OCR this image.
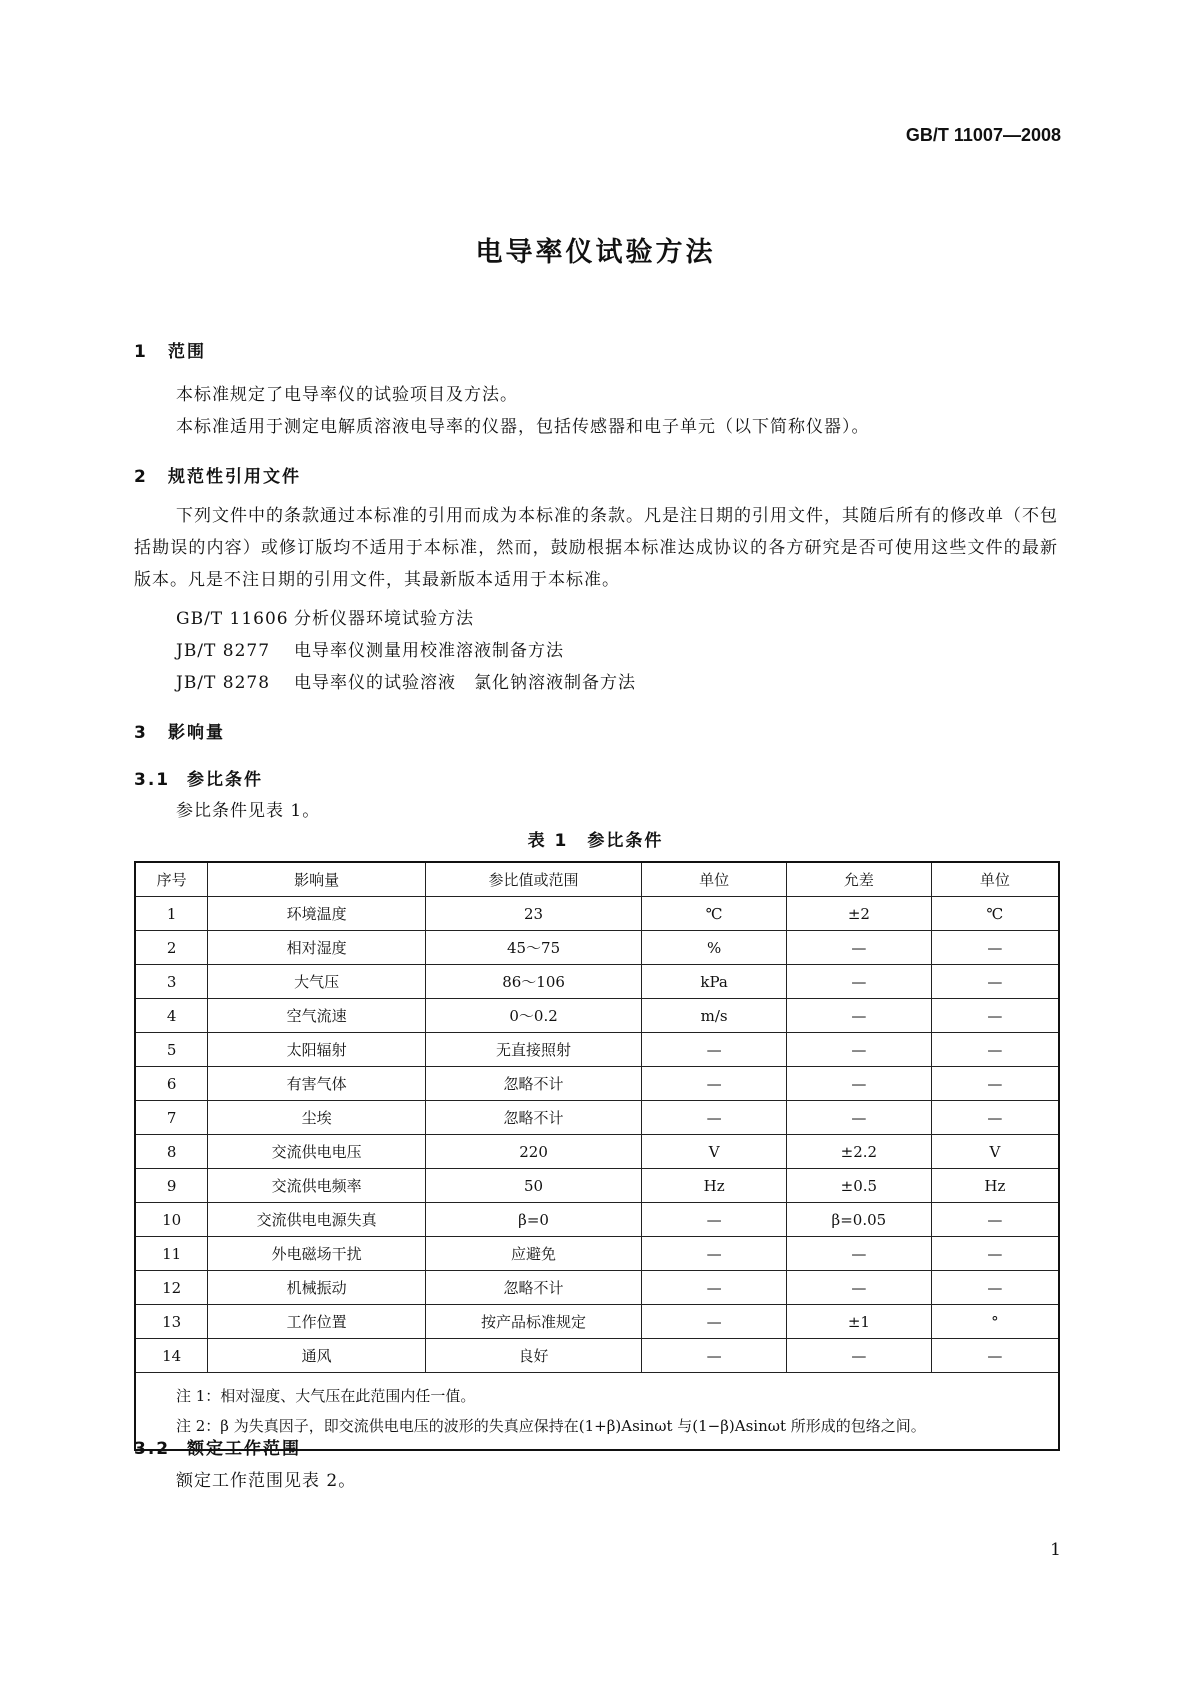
GB/T 11007—2008
电导率仪试验方法
1 范围
本标准规定了电导率仪的试验项目及方法。
本标准适用于测定电解质溶液电导率的仪器，包括传感器和电子单元（以下简称仪器）。
2 规范性引用文件
下列文件中的条款通过本标准的引用而成为本标准的条款。凡是注日期的引用文件，其随后所有的修改单（不包括勘误的内容）或修订版均不适用于本标准，然而，鼓励根据本标准达成协议的各方研究是否可使用这些文件的最新版本。凡是不注日期的引用文件，其最新版本适用于本标准。
GB/T 11606 分析仪器环境试验方法
JB/T 8277 电导率仪测量用校准溶液制备方法
JB/T 8278 电导率仪的试验溶液　氯化钠溶液制备方法
3 影响量
3.1 参比条件
参比条件见表 1。
表 1　参比条件
序号	影响量	参比值或范围	单位	允差	单位
1	环境温度	23	℃	±2	℃
2	相对湿度	45～75	%	—	—
3	大气压	86～106	kPa	—	—
4	空气流速	0～0.2	m/s	—	—
5	太阳辐射	无直接照射	—	—	—
6	有害气体	忽略不计	—	—	—
7	尘埃	忽略不计	—	—	—
8	交流供电电压	220	V	±2.2	V
9	交流供电频率	50	Hz	±0.5	Hz
10	交流供电电源失真	β=0	—	β=0.05	—
11	外电磁场干扰	应避免	—	—	—
12	机械振动	忽略不计	—	—	—
13	工作位置	按产品标准规定	—	±1	°
14	通风	良好	—	—	—

注 1：相对湿度、大气压在此范围内任一值。
注 2：β 为失真因子，即交流供电电压的波形的失真应保持在(1+β)Asinωt 与(1−β)Asinωt 所形成的包络之间。					
3.2 额定工作范围
额定工作范围见表 2。
1
